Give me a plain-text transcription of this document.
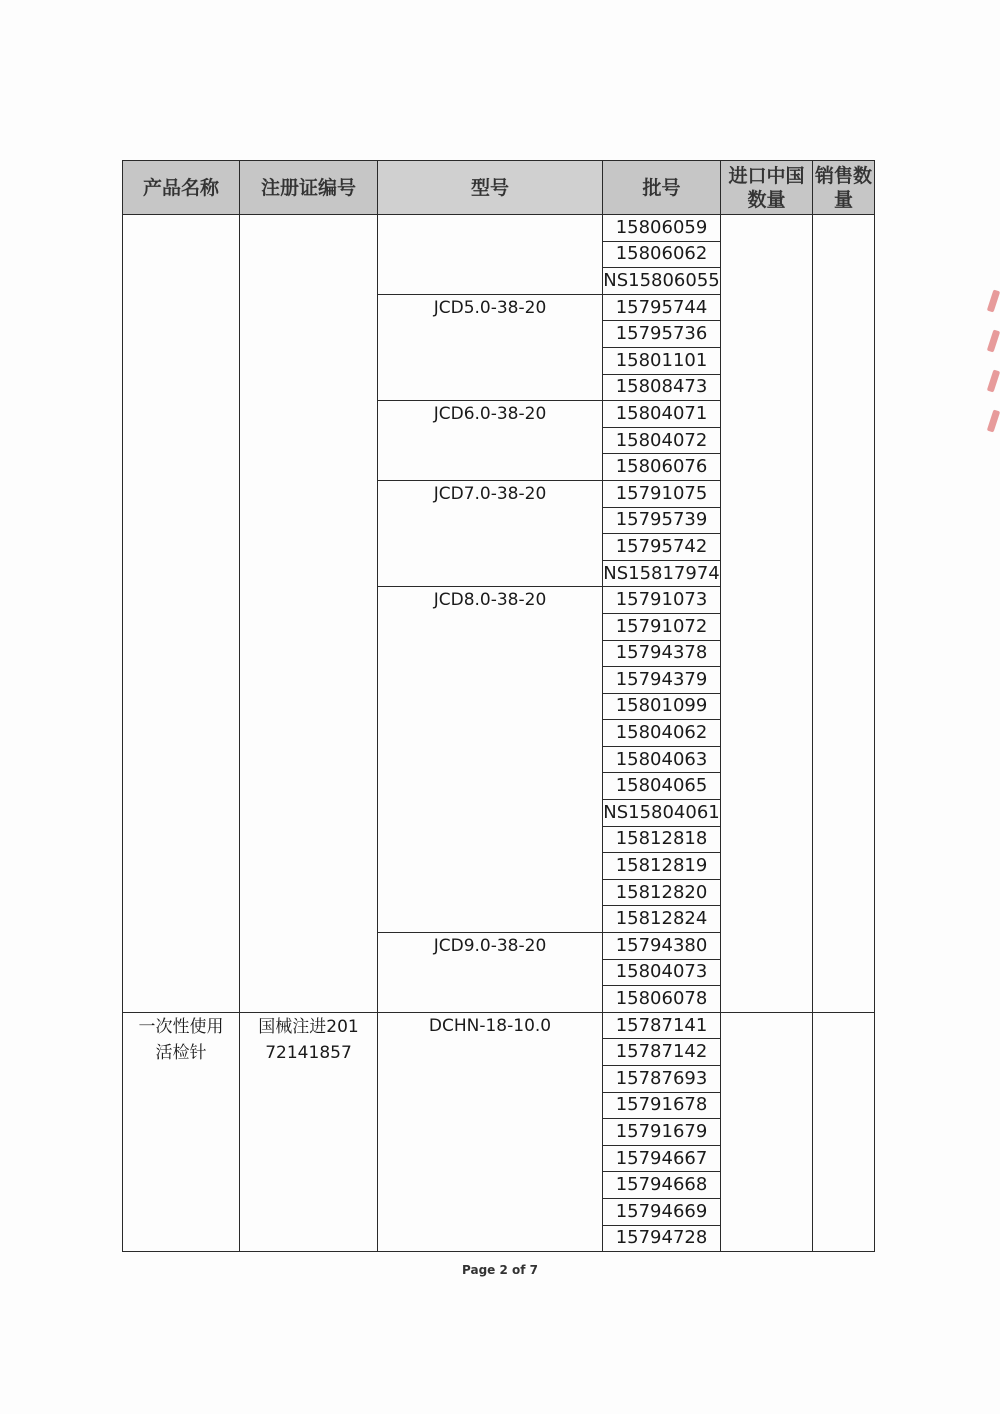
产品名称	注册证编号	型号	批号	进口中国数量	销售数量
			15806059		
			15806062		
			NS15806055		
		JCD5.0-38-20	15795744		
			15795736		
			15801101		
			15808473		
		JCD6.0-38-20	15804071		
			15804072		
			15806076		
		JCD7.0-38-20	15791075		
			15795739		
			15795742		
			NS15817974		
		JCD8.0-38-20	15791073		
			15791072		
			15794378		
			15794379		
			15801099		
			15804062		
			15804063		
			15804065		
			NS15804061		
			15812818		
			15812819		
			15812820		
			15812824		
		JCD9.0-38-20	15794380		
			15804073		
			15806078		
一次性使用活检针	国械注进20172141857	DCHN-18-10.0	15787141		
			15787142		
			15787693		
			15791678		
			15791679		
			15794667		
			15794668		
			15794669		
			15794728		
Page 2 of 7
